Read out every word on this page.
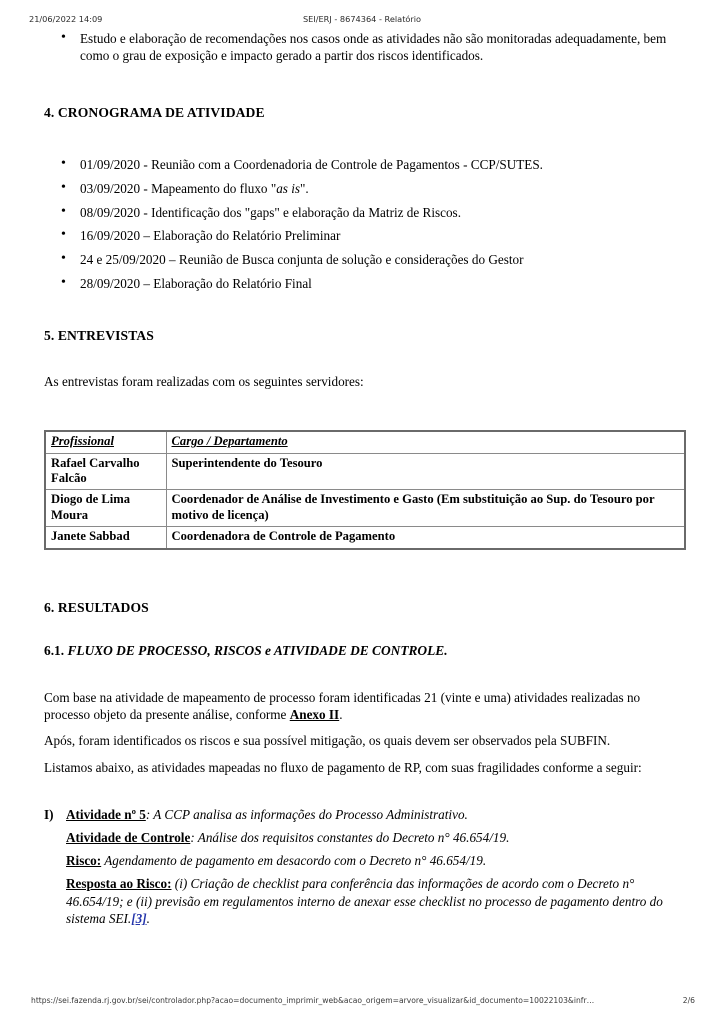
21/06/2022 14:09	SEI/ERJ - 8674364 - Relatório
• Estudo e elaboração de recomendações nos casos onde as atividades não são monitoradas adequadamente, bem como o grau de exposição e impacto gerado a partir dos riscos identificados.
4. CRONOGRAMA DE ATIVIDADE
• 01/09/2020 - Reunião com a Coordenadoria de Controle de Pagamentos - CCP/SUTES.
• 03/09/2020 - Mapeamento do fluxo "as is".
• 08/09/2020 - Identificação dos "gaps" e elaboração da Matriz de Riscos.
• 16/09/2020 – Elaboração do Relatório Preliminar
• 24 e 25/09/2020 – Reunião de Busca conjunta de solução e considerações do Gestor
• 28/09/2020 – Elaboração do Relatório Final
5. ENTREVISTAS

As entrevistas foram realizadas com os seguintes servidores:

Profissional	Cargo / Departamento
Rafael Carvalho Falcão	Superintendente do Tesouro
Diogo de Lima Moura	Coordenador de Análise de Investimento e Gasto (Em substituição ao Sup. do Tesouro por motivo de licença)
Janete Sabbad	Coordenadora de Controle de Pagamento
6. RESULTADOS
6.1. FLUXO DE PROCESSO, RISCOS e ATIVIDADE DE CONTROLE.

Com base na atividade de mapeamento de processo foram identificadas 21 (vinte e uma) atividades realizadas no processo objeto da presente análise, conforme Anexo II.

Após, foram identificados os riscos e sua possível mitigação, os quais devem ser observados pela SUBFIN.

Listamos abaixo, as atividades mapeadas no fluxo de pagamento de RP, com suas fragilidades conforme a seguir:

I) Atividade nº 5: A CCP analisa as informações do Processo Administrativo.
Atividade de Controle: Análise dos requisitos constantes do Decreto n° 46.654/19.
Risco: Agendamento de pagamento em desacordo com o Decreto n° 46.654/19.
Resposta ao Risco: (i) Criação de checklist para conferência das informações de acordo com o Decreto n° 46.654/19; e (ii) previsão em regulamentos interno de anexar esse checklist no processo de pagamento dentro do sistema SEI.[3].
https://sei.fazenda.rj.gov.br/sei/controlador.php?acao=documento_imprimir_web&acao_origem=arvore_visualizar&id_documento=10022103&infr…	2/6
